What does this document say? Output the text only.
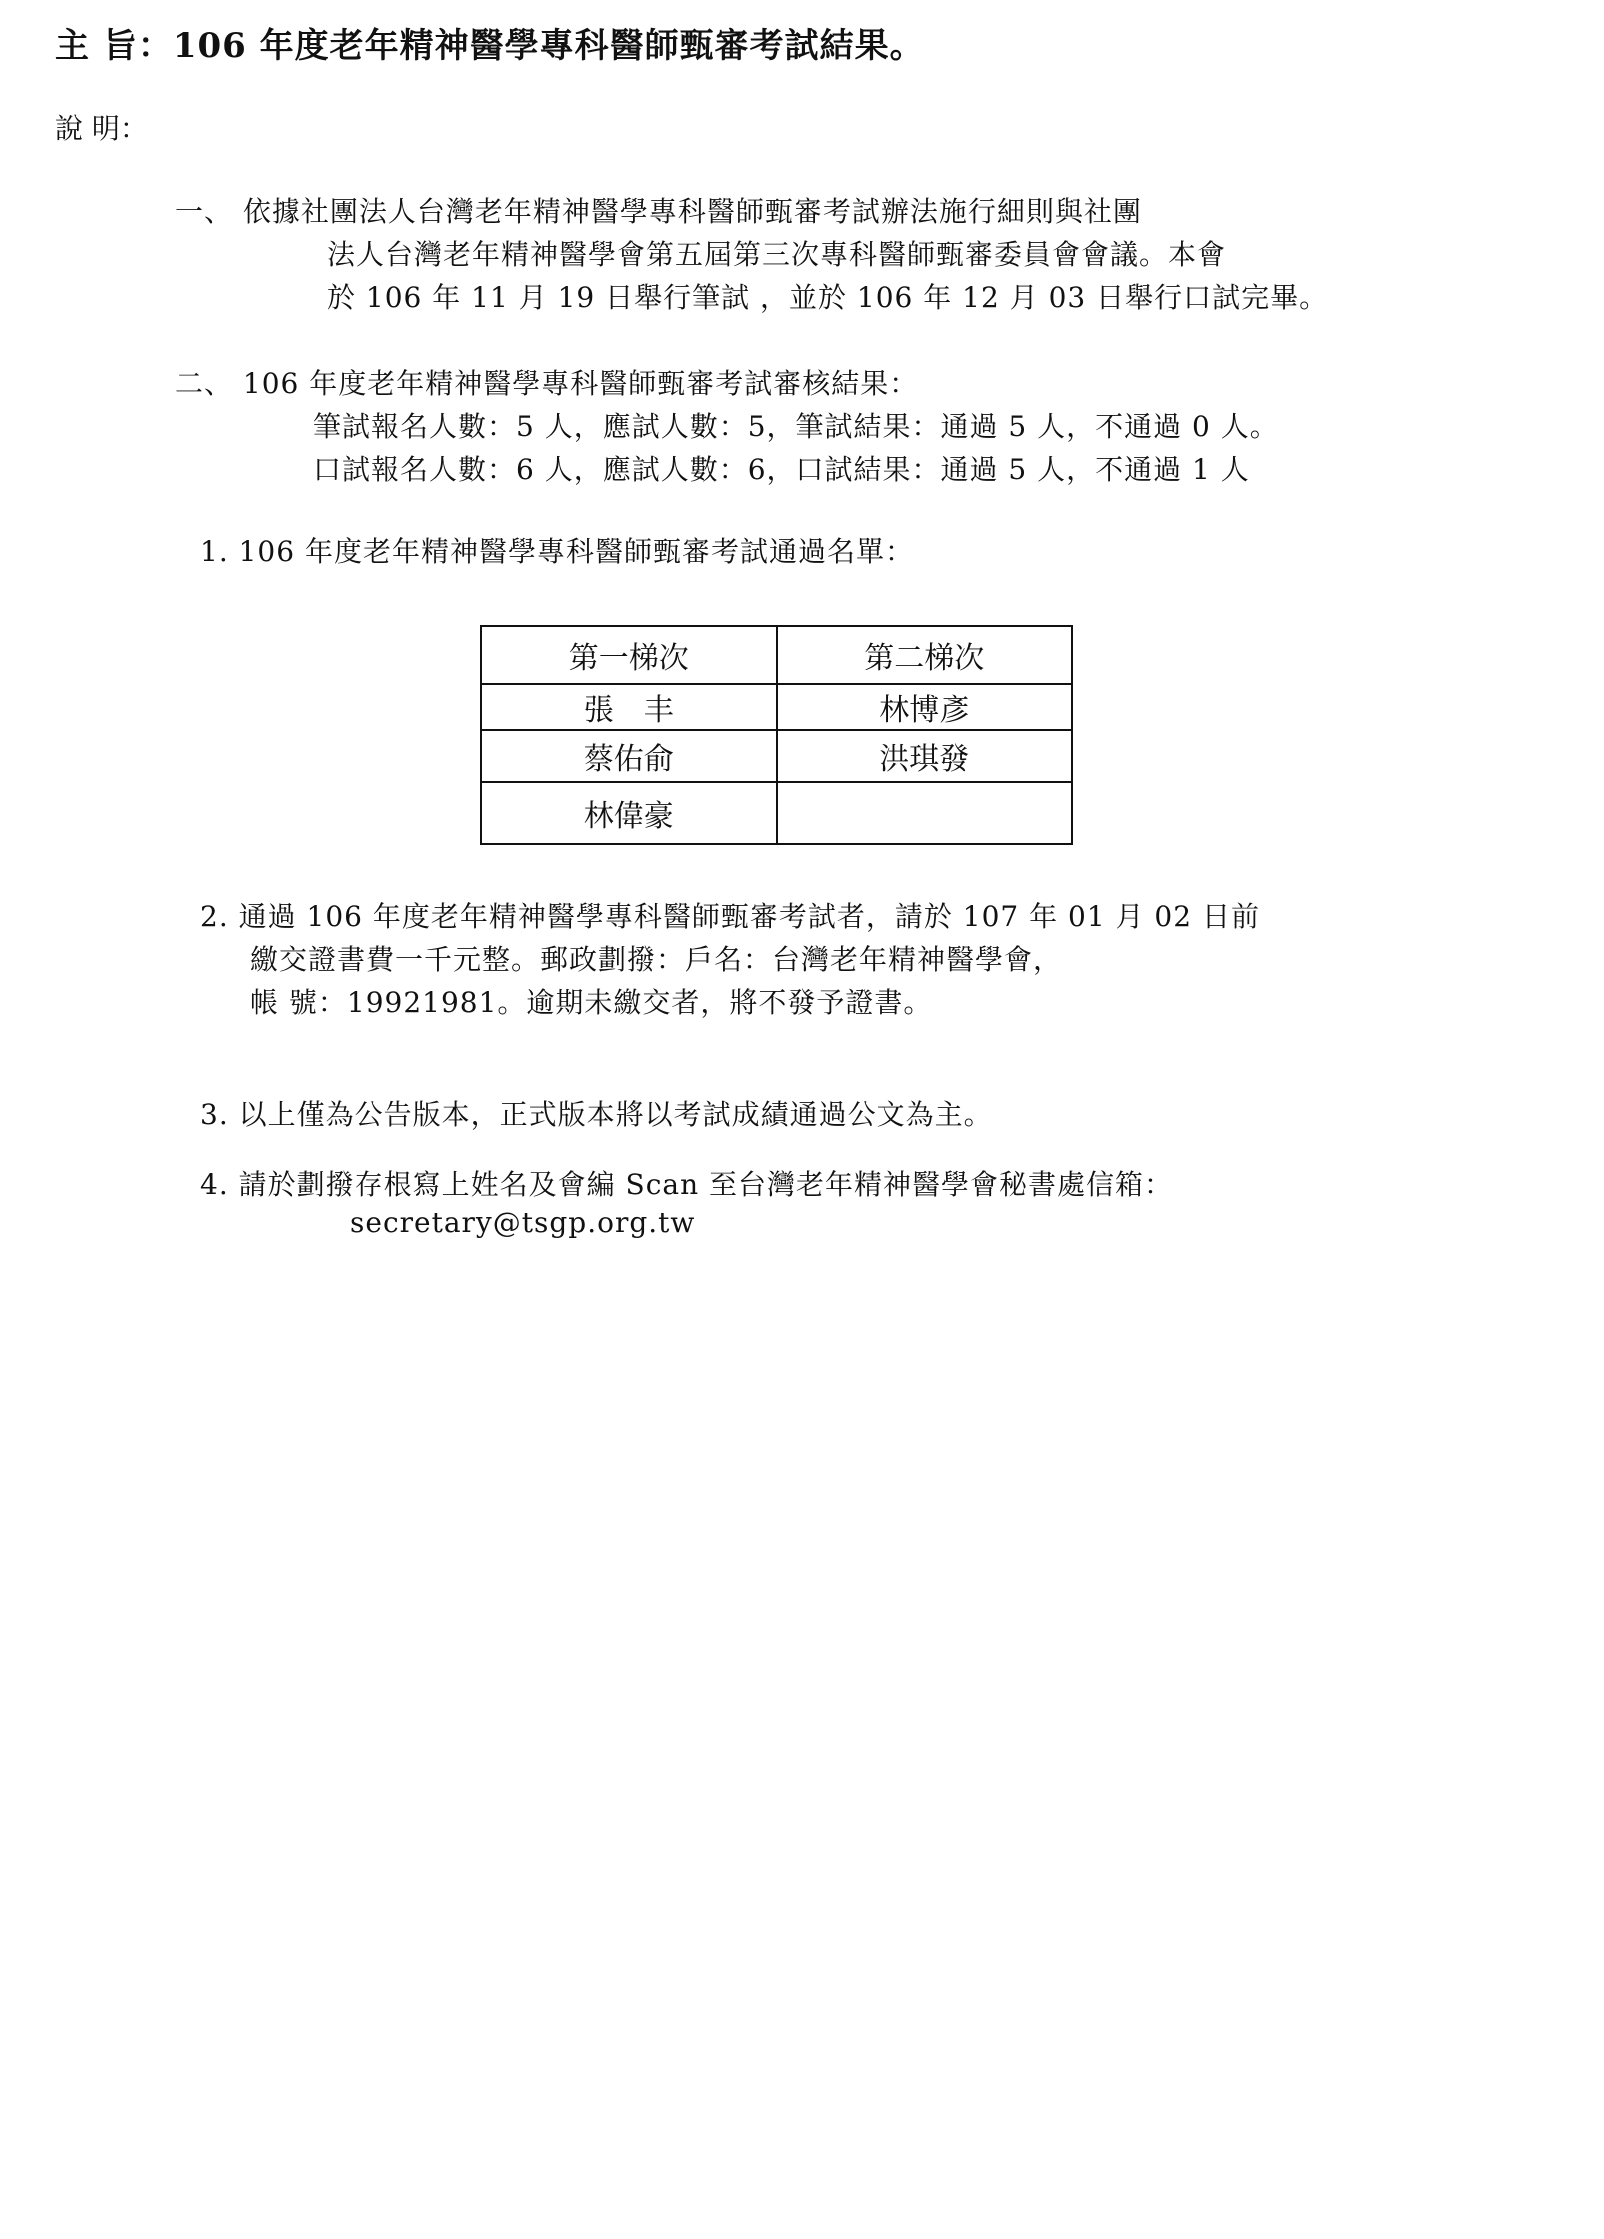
主 旨：106 年度老年精神醫學專科醫師甄審考試結果。
說 明：
一、 依據社團法人台灣老年精神醫學專科醫師甄審考試辦法施行細則與社團
法人台灣老年精神醫學會第五屆第三次專科醫師甄審委員會會議。本會
於 106 年 11 月 19 日舉行筆試 ，並於 106 年 12 月 03 日舉行口試完畢。
二、 106 年度老年精神醫學專科醫師甄審考試審核結果：
筆試報名人數：5 人，應試人數：5，筆試結果：通過 5 人，不通過 0 人。
口試報名人數：6 人，應試人數：6，口試結果：通過 5 人，不通過 1 人
1. 106 年度老年精神醫學專科醫師甄審考試通過名單：
第一梯次	第二梯次
張　丰	林博彥
蔡佑俞	洪琪發
林偉豪	
2. 通過 106 年度老年精神醫學專科醫師甄審考試者，請於 107 年 01 月 02 日前
繳交證書費一千元整。郵政劃撥：戶名：台灣老年精神醫學會，
帳 號：19921981。逾期未繳交者，將不發予證書。
3. 以上僅為公告版本，正式版本將以考試成績通過公文為主。
4. 請於劃撥存根寫上姓名及會編 Scan 至台灣老年精神醫學會秘書處信箱：
secretary@tsgp.org.tw
